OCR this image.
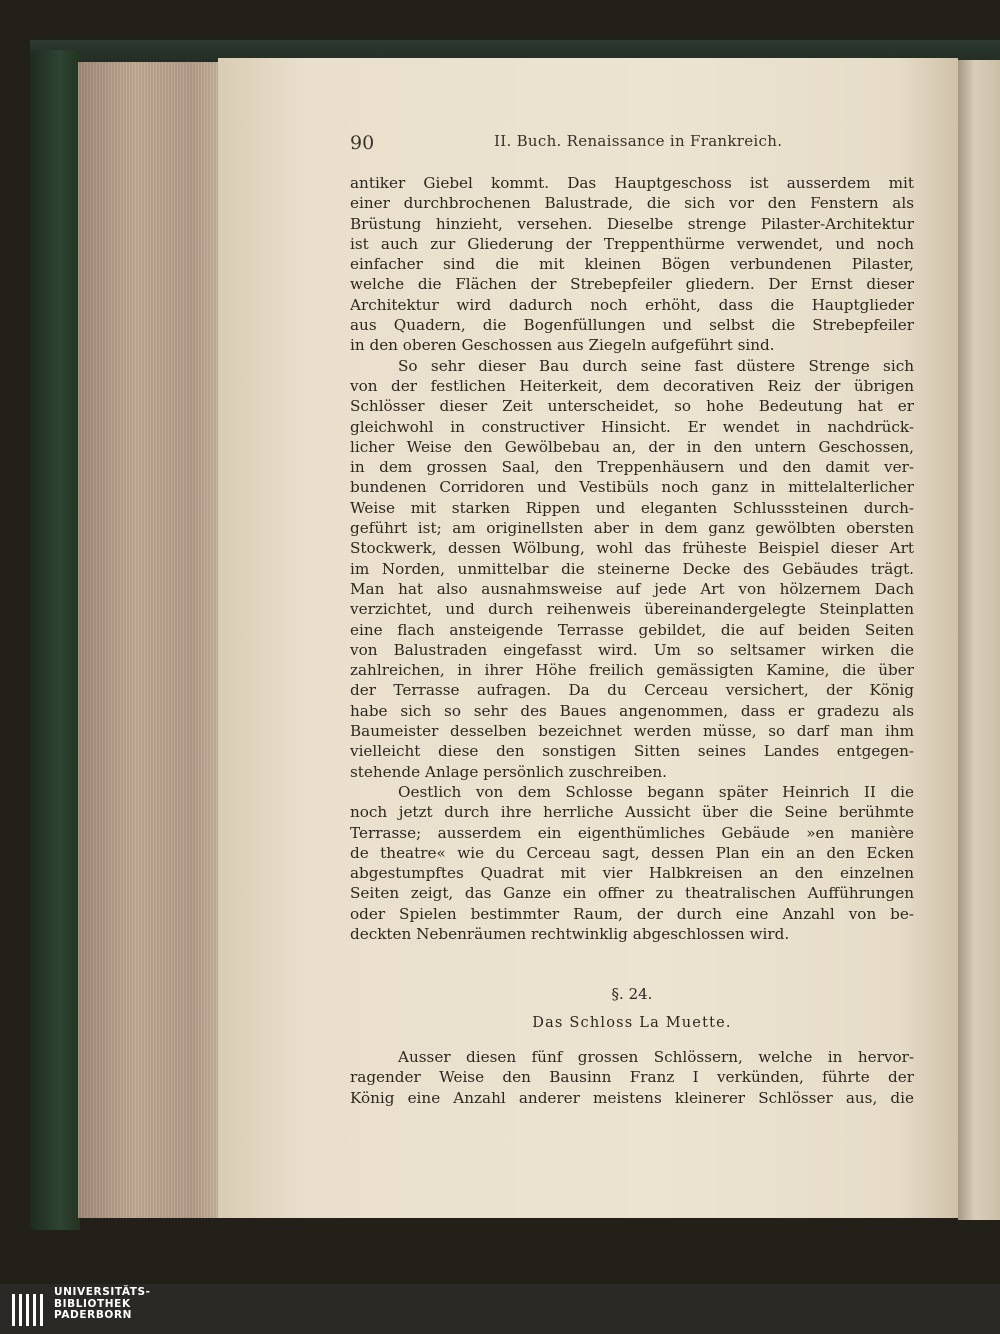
90	II. Buch. Renaissance in Frankreich.
antiker Giebel kommt. Das Hauptgeschoss ist ausserdem mit
einer durchbrochenen Balustrade, die sich vor den Fenstern als
Brüstung hinzieht, versehen. Dieselbe strenge Pilaster-Architektur
ist auch zur Gliederung der Treppenthürme verwendet, und noch
einfacher sind die mit kleinen Bögen verbundenen Pilaster,
welche die Flächen der Strebepfeiler gliedern. Der Ernst dieser
Architektur wird dadurch noch erhöht, dass die Hauptglieder
aus Quadern, die Bogenfüllungen und selbst die Strebepfeiler
in den oberen Geschossen aus Ziegeln aufgeführt sind.
So sehr dieser Bau durch seine fast düstere Strenge sich
von der festlichen Heiterkeit, dem decorativen Reiz der übrigen
Schlösser dieser Zeit unterscheidet, so hohe Bedeutung hat er
gleichwohl in constructiver Hinsicht. Er wendet in nachdrück-
licher Weise den Gewölbebau an, der in den untern Geschossen,
in dem grossen Saal, den Treppenhäusern und den damit ver-
bundenen Corridoren und Vestibüls noch ganz in mittelalterlicher
Weise mit starken Rippen und eleganten Schlusssteinen durch-
geführt ist; am originellsten aber in dem ganz gewölbten obersten
Stockwerk, dessen Wölbung, wohl das früheste Beispiel dieser Art
im Norden, unmittelbar die steinerne Decke des Gebäudes trägt.
Man hat also ausnahmsweise auf jede Art von hölzernem Dach
verzichtet, und durch reihenweis übereinandergelegte Steinplatten
eine flach ansteigende Terrasse gebildet, die auf beiden Seiten
von Balustraden eingefasst wird. Um so seltsamer wirken die
zahlreichen, in ihrer Höhe freilich gemässigten Kamine, die über
der Terrasse aufragen. Da du Cerceau versichert, der König
habe sich so sehr des Baues angenommen, dass er gradezu als
Baumeister desselben bezeichnet werden müsse, so darf man ihm
vielleicht diese den sonstigen Sitten seines Landes entgegen-
stehende Anlage persönlich zuschreiben.
Oestlich von dem Schlosse begann später Heinrich II die
noch jetzt durch ihre herrliche Aussicht über die Seine berühmte
Terrasse; ausserdem ein eigenthümliches Gebäude »en manière
de theatre« wie du Cerceau sagt, dessen Plan ein an den Ecken
abgestumpftes Quadrat mit vier Halbkreisen an den einzelnen
Seiten zeigt, das Ganze ein offner zu theatralischen Aufführungen
oder Spielen bestimmter Raum, der durch eine Anzahl von be-
deckten Nebenräumen rechtwinklig abgeschlossen wird.
§. 24.
Das Schloss La Muette.
Ausser diesen fünf grossen Schlössern, welche in hervor-
ragender Weise den Bausinn Franz I verkünden, führte der
König eine Anzahl anderer meistens kleinerer Schlösser aus, die
UNIVERSITÄTS-
BIBLIOTHEK
PADERBORN
